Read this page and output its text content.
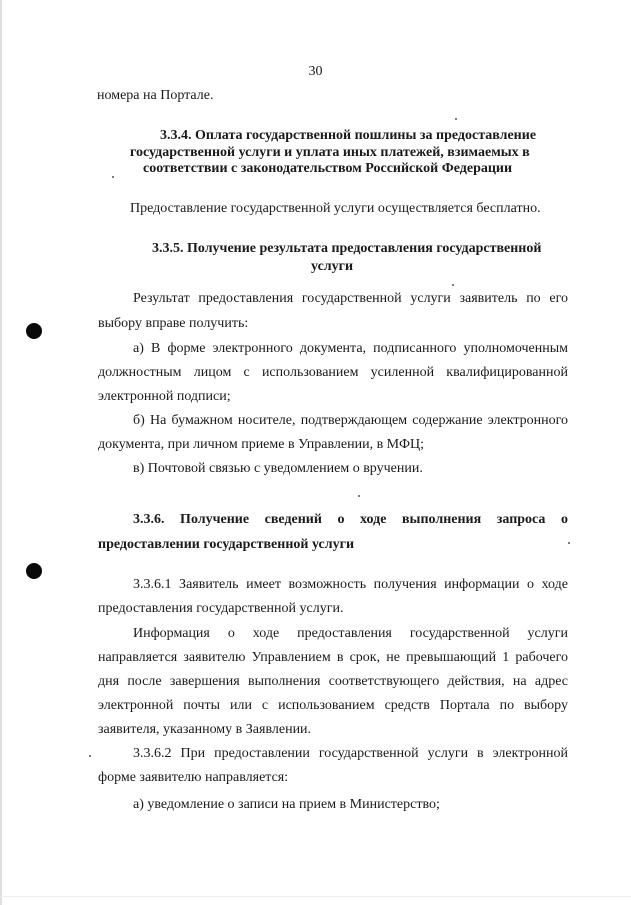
30
номера на Портале.
3.3.4. Оплата государственной пошлины за предоставление
государственной услуги и уплата иных платежей, взимаемых в
соответствии с законодательством Российской Федерации
Предоставление государственной услуги осуществляется бесплатно.
3.3.5. Получение результата предоставления государственной
услуги
Результат предоставления государственной услуги заявитель по его
выбору вправе получить:
а) В форме электронного документа, подписанного уполномоченным
должностным лицом с использованием усиленной квалифицированной
электронной подписи;
б) На бумажном носителе, подтверждающем содержание электронного
документа, при личном приеме в Управлении, в МФЦ;
в) Почтовой связью с уведомлением о вручении.
3.3.6. Получение сведений о ходе выполнения запроса о
предоставлении государственной услуги
3.3.6.1 Заявитель имеет возможность получения информации о ходе
предоставления государственной услуги.
Информация о ходе предоставления государственной услуги
направляется заявителю Управлением в срок, не превышающий 1 рабочего
дня после завершения выполнения соответствующего действия, на адрес
электронной почты или с использованием средств Портала по выбору
заявителя, указанному в Заявлении.
3.3.6.2 При предоставлении государственной услуги в электронной
форме заявителю направляется:
а) уведомление о записи на прием в Министерство;
